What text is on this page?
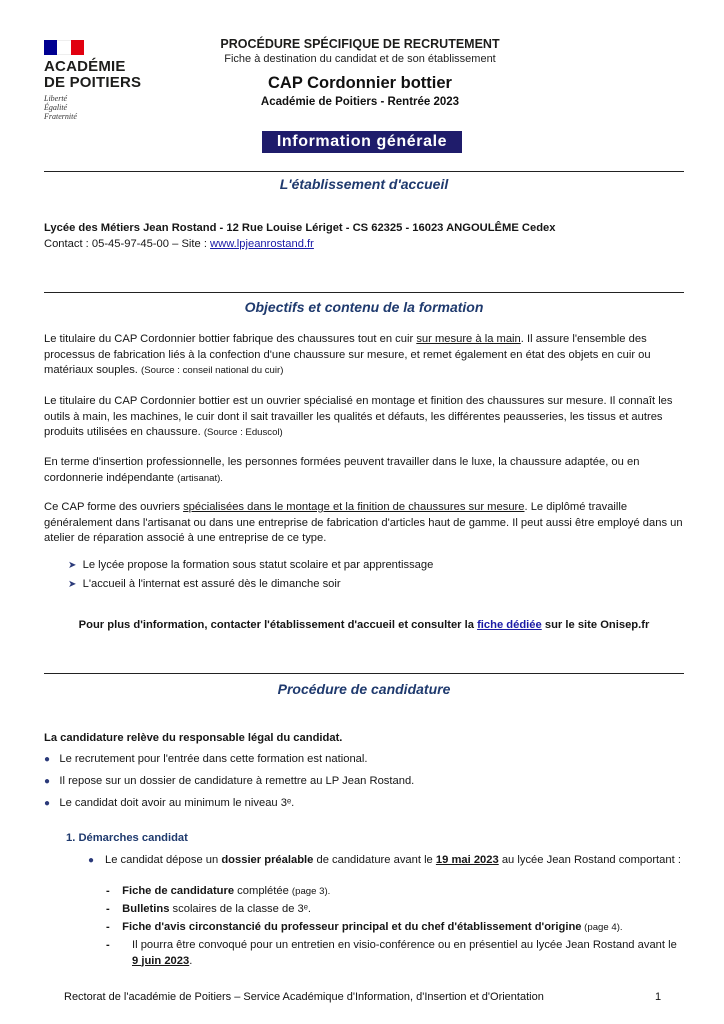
ACADÉMIE
DE POITIERS
Liberté
Égalité
Fraternité
PROCÉDURE SPÉCIFIQUE DE RECRUTEMENT
Fiche à destination du candidat et de son établissement
CAP Cordonnier bottier
Académie de Poitiers - Rentrée 2023
Information générale
L'établissement d'accueil
Lycée des Métiers Jean Rostand - 12 Rue Louise Lériget - CS 62325 - 16023 ANGOULÊME Cedex
Contact : 05-45-97-45-00 – Site : www.lpjeanrostand.fr
Objectifs et contenu de la formation
Le titulaire du CAP Cordonnier bottier fabrique des chaussures tout en cuir sur mesure à la main. Il assure l'ensemble des processus de fabrication liés à la confection d'une chaussure sur mesure, et remet également en état des objets en cuir ou matériaux souples. (Source : conseil national du cuir)
Le titulaire du CAP Cordonnier bottier est un ouvrier spécialisé en montage et finition des chaussures sur mesure. Il connaît les outils à main, les machines, le cuir dont il sait travailler les qualités et défauts, les différentes peausseries, les tissus et autres produits utilisées en chaussure. (Source : Eduscol)
En terme d'insertion professionnelle, les personnes formées peuvent travailler dans le luxe, la chaussure adaptée, ou en cordonnerie indépendante (artisanat).
Ce CAP forme des ouvriers spécialisées dans le montage et la finition de chaussures sur mesure. Le diplômé travaille généralement dans l'artisanat ou dans une entreprise de fabrication d'articles haut de gamme. Il peut aussi être employé dans un atelier de réparation associé à une entreprise de ce type.
➤ Le lycée propose la formation sous statut scolaire et par apprentissage
➤ L'accueil à l'internat est assuré dès le dimanche soir
Pour plus d'information, contacter l'établissement d'accueil et consulter la fiche dédiée sur le site Onisep.fr
Procédure de candidature
La candidature relève du responsable légal du candidat.
● Le recrutement pour l'entrée dans cette formation est national.
● Il repose sur un dossier de candidature à remettre au LP Jean Rostand.
● Le candidat doit avoir au minimum le niveau 3ᵉ.
1. Démarches candidat
● Le candidat dépose un dossier préalable de candidature avant le 19 mai 2023 au lycée Jean Rostand comportant :
-    Fiche de candidature complétée (page 3).
-    Bulletins scolaires de la classe de 3ᵉ.
-    Fiche d'avis circonstancié du professeur principal et du chef d'établissement d'origine (page 4).
- Il pourra être convoqué pour un entretien en visio-conférence ou en présentiel au lycée Jean Rostand avant le 9 juin 2023.
Rectorat de l'académie de Poitiers – Service Académique d'Information, d'Insertion et d'Orientation	1
